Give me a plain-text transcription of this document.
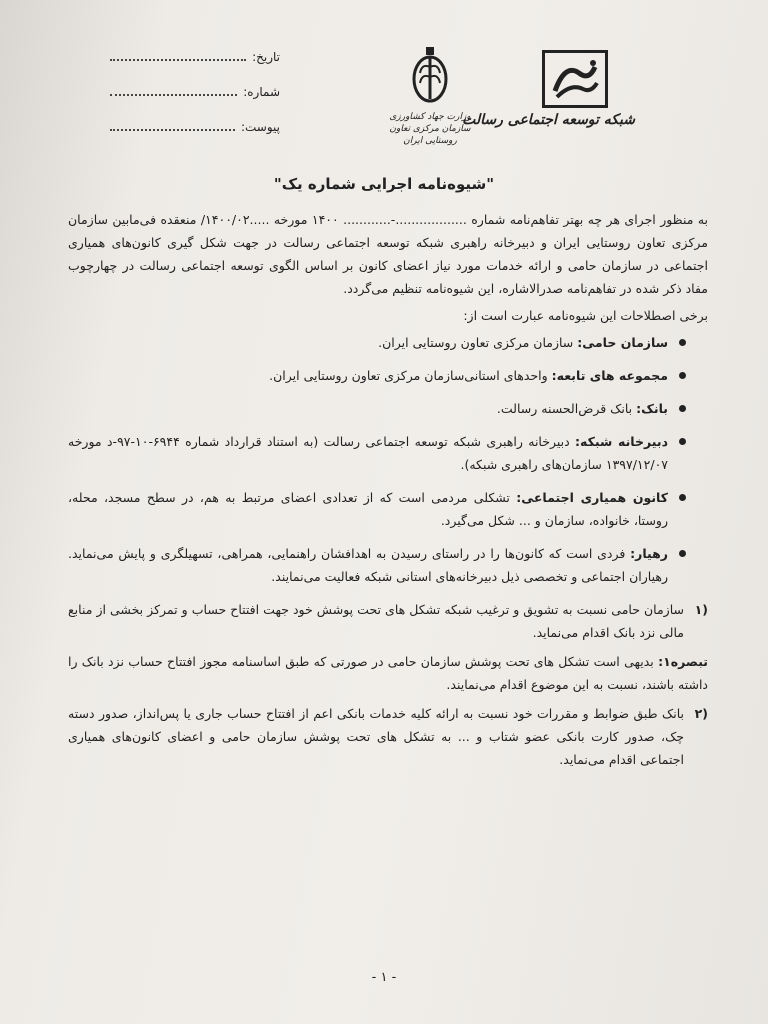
تاریخ:
شماره:
پیوست:	شبکه توسعه اجتماعی رسالت
وزارت جهاد کشاورزی
سازمان مرکزی تعاون روستایی ایران
"شیوه‌نامه اجرایی شماره یک"

به منظور اجرای هر چه بهتر تفاهم‌نامه شماره ..................-............ ۱۴۰۰ مورخه .....۱۴۰۰/۰۲/ منعقده فی‌مابین سازمان مرکزی تعاون روستایی ایران و دبیرخانه راهبری شبکه توسعه اجتماعی رسالت در جهت شکل گیری کانون‌های همیاری اجتماعی در سازمان حامی و ارائه خدمات مورد نیاز اعضای کانون بر اساس الگوی توسعه اجتماعی رسالت در چهارچوب مفاد ذکر شده در تفاهم‌نامه صدرالاشاره، این شیوه‌نامه تنظیم می‌گردد.

برخی اصطلاحات این شیوه‌نامه عبارت است از:

سازمان حامی: سازمان مرکزی تعاون روستایی ایران.
مجموعه های تابعه: واحدهای استانی‌سازمان مرکزی تعاون روستایی ایران.
بانک: بانک قرض‌الحسنه رسالت.
دبیرخانه شبکه: دبیرخانه راهبری شبکه توسعه اجتماعی رسالت (به استناد قرارداد شماره ۶۹۴۴-۱۰-۹۷-د مورخه ۱۳۹۷/۱۲/۰۷ سازمان‌های راهبری شبکه).
کانون همیاری اجتماعی: تشکلی مردمی است که از تعدادی اعضای مرتبط به هم، در سطح مسجد، محله، روستا، خانواده، سازمان و ... شکل می‌گیرد.
رهیار: فردی است که کانون‌ها را در راستای رسیدن به اهدافشان راهنمایی، همراهی، تسهیلگری و پایش می‌نماید. رهیاران اجتماعی و تخصصی ذیل دبیرخانه‌های استانی شبکه فعالیت می‌نمایند.
(۱
سازمان حامی نسبت به تشویق و ترغیب شبکه تشکل های تحت پوشش خود جهت افتتاح حساب و تمرکز بخشی از منابع مالی نزد بانک اقدام می‌نماید.
تبصره۱: بدیهی است تشکل های تحت پوشش سازمان حامی در صورتی که طبق اساسنامه مجوز افتتاح حساب نزد بانک را داشته باشند، نسبت به این موضوع اقدام می‌نمایند.
(۲
بانک طبق ضوابط و مقررات خود نسبت به ارائه کلیه خدمات بانکی اعم از افتتاح حساب جاری یا پس‌انداز، صدور دسته چک، صدور کارت بانکی عضو شتاب و ... به تشکل های تحت پوشش سازمان حامی و اعضای کانون‌های همیاری اجتماعی اقدام می‌نماید.
- ۱ -
